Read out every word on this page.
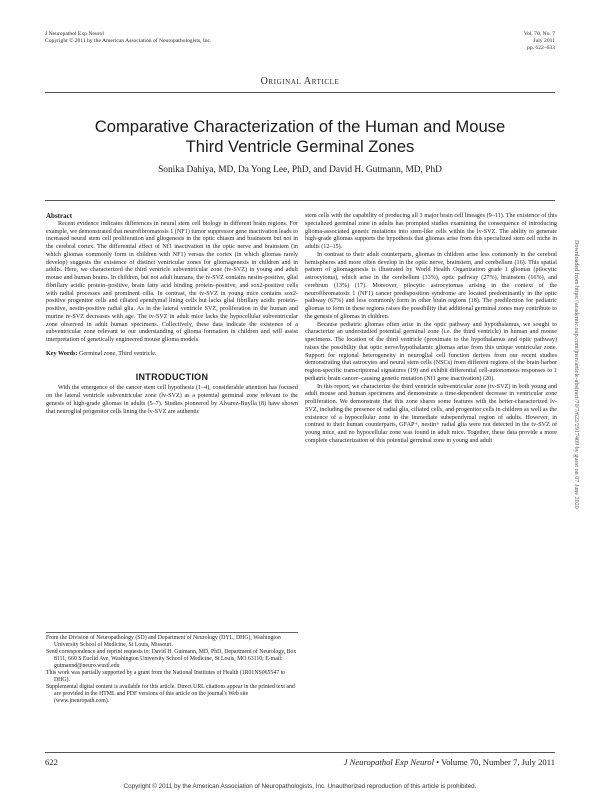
J Neuropathol Exp Neurol
Copyright © 2011 by the American Association of Neuropathologists, Inc.
Vol. 70, No. 7
July 2011
pp. 622–633
Original Article
Comparative Characterization of the Human and Mouse
Third Ventricle Germinal Zones
Sonika Dahiya, MD, Da Yong Lee, PhD, and David H. Gutmann, MD, PhD

Abstract

Recent evidence indicates differences in neural stem cell biology in different brain regions. For example, we demonstrated that neurofibromatosis 1 (NF1) tumor suppressor gene inactivation leads to increased neural stem cell proliferation and gliogenesis in the optic chiasm and brainstem but not in the cerebral cortex. The differential effect of Nf1 inactivation in the optic nerve and brainstem (in which gliomas commonly form in children with NF1) versus the cortex (in which gliomas rarely develop) suggests the existence of distinct ventricular zones for gliomagenesis in children and in adults. Here, we characterized the third ventricle subventricular zone (tv-SVZ) in young and adult mouse and human brains. In children, but not adult humans, the tv-SVZ contains nestin-positive, glial fibrillary acidic protein–positive, brain fatty acid binding protein–positive, and sox2-positive cells with radial processes and prominent cilia. In contrast, the tv-SVZ in young mice contains sox2-positive progenitor cells and ciliated ependymal lining cells but lacks glial fibrillary acidic protein–positive, nestin-positive radial glia. As in the lateral ventricle SVZ, proliferation in the human and murine tv-SVZ decreases with age. The tv-SVZ in adult mice lacks the hypocellular subventricular zone observed in adult human specimens. Collectively, these data indicate the existence of a subventricular zone relevant to our understanding of glioma formation in children and will assist interpretation of genetically engineered mouse glioma models.

Key Words: Germinal zone, Third ventricle.

INTRODUCTION

With the emergence of the cancer stem cell hypothesis (1–4), considerable attention has focused on the lateral ventricle subventricular zone (lv-SVZ) as a potential germinal zone relevant to the genesis of high-grade gliomas in adults (5–7). Studies pioneered by Alvarez-Buylla (8) have shown that neuroglial progenitor cells lining the lv-SVZ are authentic

From the Division of Neuropathology (SD) and Department of Neurology (DYL, DHG), Washington University School of Medicine, St Louis, Missouri.

Send correspondence and reprint requests to: David H. Gutmann, MD, PhD, Department of Neurology, Box 8111, 660 S Euclid Ave, Washington University School of Medicine, St Louis, MO 63110; E-mail: gutmannd@neuro.wustl.edu

This work was partially supported by a grant from the National Institutes of Health (1R01NS065547 to DHG).

Supplemental digital content is available for this article. Direct URL citations appear in the printed text and are provided in the HTML and PDF versions of this article on the journal's Web site (www.jneuropath.com).

stem cells with the capability of producing all 3 major brain cell lineages (9–11). The existence of this specialized germinal zone in adults has prompted studies examining the consequence of introducing glioma-associated genetic mutations into stem-like cells within the lv-SVZ. The ability to generate high-grade gliomas supports the hypothesis that gliomas arise from this specialized stem cell niche in adults (12–15).

In contrast to their adult counterparts, gliomas in children arise less commonly in the cerebral hemispheres and more often develop in the optic nerve, brainstem, and cerebellum (16). This spatial pattern of gliomagenesis is illustrated by World Health Organization grade 1 gliomas (pilocytic astrocytoma), which arise in the cerebellum (33%), optic pathway (27%), brainstem (16%), and cerebrum (13%) (17). Moreover, pilocytic astrocytomas arising in the context of the neurofibromatosis 1 (NF1) cancer predisposition syndrome are located predominantly in the optic pathway (67%) and less commonly form in other brain regions (18). The predilection for pediatric gliomas to form in these regions raises the possibility that additional germinal zones may contribute to the genesis of gliomas in children.

Because pediatric gliomas often arise in the optic pathway and hypothalamus, we sought to characterize an understudied potential germinal zone (i.e. the third ventricle) in human and mouse specimens. The location of the third ventricle (proximate to the hypothalamus and optic pathway) raises the possibility that optic nerve/hypothalamic gliomas arise from this unique ventricular zone. Support for regional heterogeneity in neuroglial cell function derives from our recent studies demonstrating that astrocytes and neural stem cells (NSCs) from different regions of the brain harbor region-specific transcriptomal signatures (19) and exhibit differential cell-autonomous responses to 1 pediatric brain cancer–causing genetic mutation (Nf1 gene inactivation) (20).

In this report, we characterize the third ventricle subventricular zone (tv-SVZ) in both young and adult mouse and human specimens and demonstrate a time-dependent decrease in ventricular zone proliferation. We demonstrate that this zone shares some features with the better-characterized lv-SVZ, including the presence of radial glia, ciliated cells, and progenitor cells in children as well as the existence of a hypocellular zone in the immediate subependymal region of adults. However, in contrast to their human counterparts, GFAP+, nestin+ radial glia were not detected in the tv-SVZ of young mice, and no hypocellular zone was found in adult mice. Together, these data provide a more complete characterization of this potential germinal zone in young and adult	Downloaded from https://academic.oup.com/jnen/article-abstract/70/7/622/2917409 by guest on 07 June 2020
622	J Neuropathol Exp Neurol • Volume 70, Number 7, July 2011
Copyright © 2011 by the American Association of Neuropathologists, Inc. Unauthorized reproduction of this article is prohibited.
